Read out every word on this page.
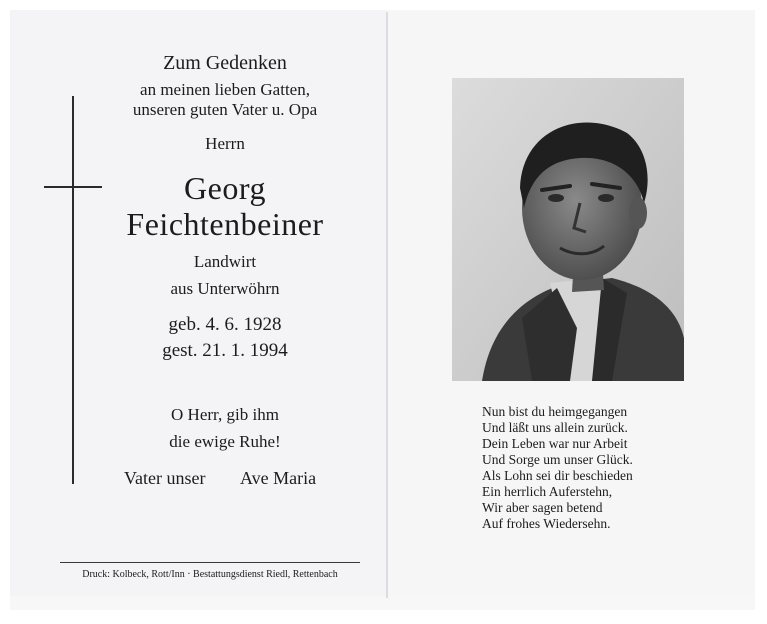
Zum Gedenken
an meinen lieben Gatten,
unseren guten Vater u. Opa
Herrn
Georg
Feichtenbeiner
Landwirt
aus Unterwöhrn
geb. 4. 6. 1928
gest. 21. 1. 1994
O Herr, gib ihm
die ewige Ruhe!
Vater unser Ave Maria
Druck: Kolbeck, Rott/Inn · Bestattungsdienst Riedl, Rettenbach
Nun bist du heimgegangen
Und läßt uns allein zurück.
Dein Leben war nur Arbeit
Und Sorge um unser Glück.
Als Lohn sei dir beschieden
Ein herrlich Auferstehn,
Wir aber sagen betend
Auf frohes Wiedersehn.
